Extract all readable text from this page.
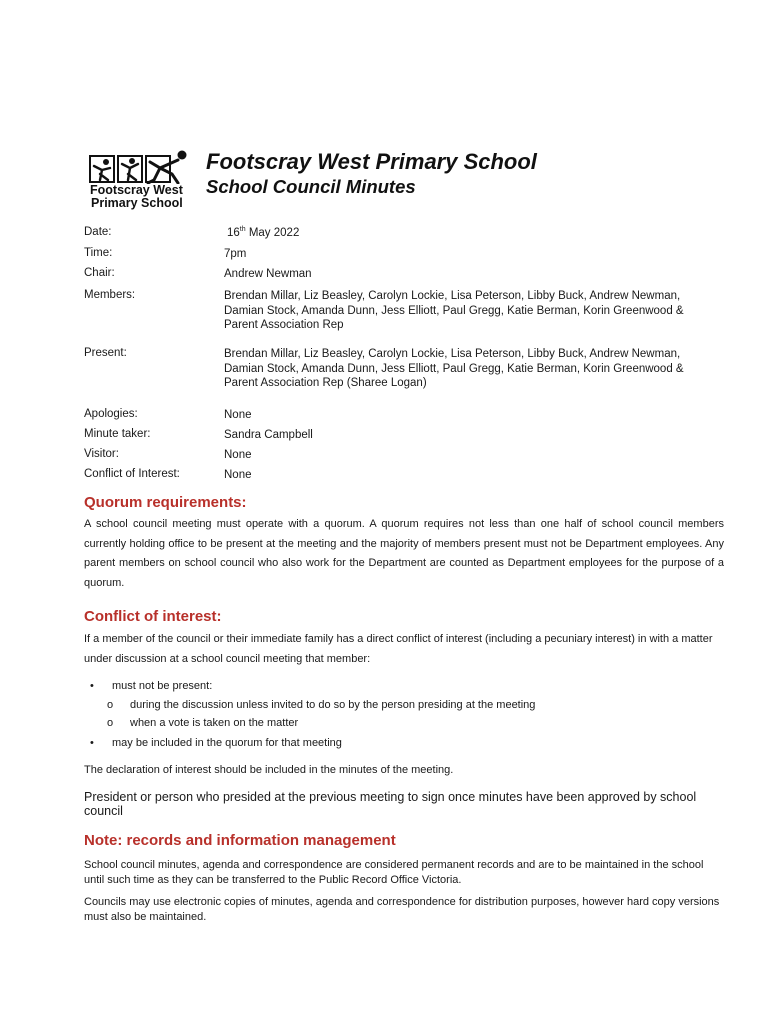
Footscray West
Primary School
Footscray West Primary School
School Council Minutes
Date:	16th May 2022
Time:	7pm
Chair:	Andrew Newman
Members:	Brendan Millar, Liz Beasley, Carolyn Lockie, Lisa Peterson, Libby Buck, Andrew Newman, Damian Stock, Amanda Dunn, Jess Elliott, Paul Gregg, Katie Berman, Korin Greenwood & Parent Association Rep
Present:	Brendan Millar, Liz Beasley, Carolyn Lockie, Lisa Peterson, Libby Buck, Andrew Newman, Damian Stock, Amanda Dunn, Jess Elliott, Paul Gregg, Katie Berman, Korin Greenwood & Parent Association Rep (Sharee Logan)
Apologies:	None
Minute taker:	Sandra Campbell
Visitor:	None
Conflict of Interest:	None
Quorum requirements:
A school council meeting must operate with a quorum. A quorum requires not less than one half of school council members currently holding office to be present at the meeting and the majority of members present must not be Department employees. Any parent members on school council who also work for the Department are counted as Department employees for the purpose of a quorum.
Conflict of interest:
If a member of the council or their immediate family has a direct conflict of interest (including a pecuniary interest) in with a matter under discussion at a school council meeting that member:
• must not be present:
o during the discussion unless invited to do so by the person presiding at the meeting
o when a vote is taken on the matter
• may be included in the quorum for that meeting
The declaration of interest should be included in the minutes of the meeting.
President or person who presided at the previous meeting to sign once minutes have been approved by school council
Note: records and information management
School council minutes, agenda and correspondence are considered permanent records and are to be maintained in the school until such time as they can be transferred to the Public Record Office Victoria.
Councils may use electronic copies of minutes, agenda and correspondence for distribution purposes, however hard copy versions must also be maintained.
